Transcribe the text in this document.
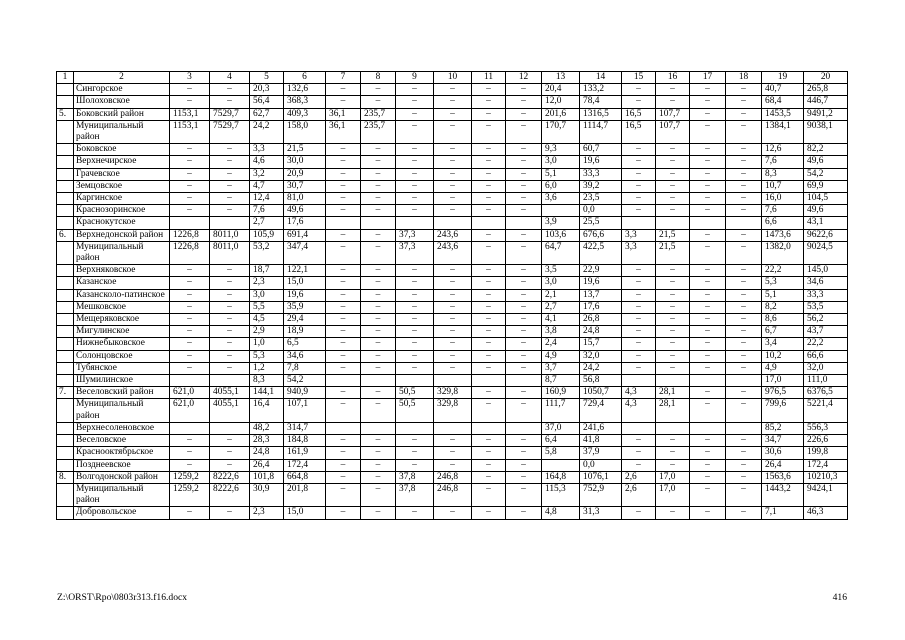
1	2	3	4	5	6	7	8	9	10	11	12	13	14	15	16	17	18	19	20
	Сингорское	–	–	20,3	132,6	–	–	–	–	–	–	20,4	133,2	–	–	–	–	40,7	265,8
	Шолоховское	–	–	56,4	368,3	–	–	–	–	–	–	12,0	78,4	–	–	–	–	68,4	446,7
5.	Боковский район	1153,1	7529,7	62,7	409,3	36,1	235,7	–	–	–	–	201,6	1316,5	16,5	107,7	–	–	1453,5	9491,2
	Муниципальный район	1153,1	7529,7	24,2	158,0	36,1	235,7	–	–	–	–	170,7	1114,7	16,5	107,7	–	–	1384,1	9038,1
	Боковское	–	–	3,3	21,5	–	–	–	–	–	–	9,3	60,7	–	–	–	–	12,6	82,2
	Верхнечирское	–	–	4,6	30,0	–	–	–	–	–	–	3,0	19,6	–	–	–	–	7,6	49,6
	Грачевское	–	–	3,2	20,9	–	–	–	–	–	–	5,1	33,3	–	–	–	–	8,3	54,2
	Земцовское	–	–	4,7	30,7	–	–	–	–	–	–	6,0	39,2	–	–	–	–	10,7	69,9
	Каргинское	–	–	12,4	81,0	–	–	–	–	–	–	3,6	23,5	–	–	–	–	16,0	104,5
	Краснозоринское	–	–	7,6	49,6	–	–	–	–	–	–		0,0	–	–	–	–	7,6	49,6
	Краснокутское			2,7	17,6							3,9	25,5					6,6	43,1
6.	Верхнедонской район	1226,8	8011,0	105,9	691,4	–	–	37,3	243,6	–	–	103,6	676,6	3,3	21,5	–	–	1473,6	9622,6
	Муниципальный район	1226,8	8011,0	53,2	347,4	–	–	37,3	243,6	–	–	64,7	422,5	3,3	21,5	–	–	1382,0	9024,5
	Верхняковское	–	–	18,7	122,1	–	–	–	–	–	–	3,5	22,9	–	–	–	–	22,2	145,0
	Казанское	–	–	2,3	15,0	–	–	–	–	–	–	3,0	19,6	–	–	–	–	5,3	34,6
	Казансколо-патинское	–	–	3,0	19,6	–	–	–	–	–	–	2,1	13,7	–	–	–	–	5,1	33,3
	Мешковское	–	–	5,5	35,9	–	–	–	–	–	–	2,7	17,6	–	–	–	–	8,2	53,5
	Мещеряковское	–	–	4,5	29,4	–	–	–	–	–	–	4,1	26,8	–	–	–	–	8,6	56,2
	Мигулинское	–	–	2,9	18,9	–	–	–	–	–	–	3,8	24,8	–	–	–	–	6,7	43,7
	Нижнебыковское	–	–	1,0	6,5	–	–	–	–	–	–	2,4	15,7	–	–	–	–	3,4	22,2
	Солонцовское	–	–	5,3	34,6	–	–	–	–	–	–	4,9	32,0	–	–	–	–	10,2	66,6
	Тубянское	–	–	1,2	7,8	–	–	–	–	–	–	3,7	24,2	–	–	–	–	4,9	32,0
	Шумилинское			8,3	54,2							8,7	56,8					17,0	111,0
7.	Веселовский район	621,0	4055,1	144,1	940,9	–	–	50,5	329,8	–	–	160,9	1050,7	4,3	28,1	–	–	976,5	6376,5
	Муниципальный район	621,0	4055,1	16,4	107,1	–	–	50,5	329,8	–	–	111,7	729,4	4,3	28,1	–	–	799,6	5221,4
	Верхнесоленовское			48,2	314,7							37,0	241,6					85,2	556,3
	Веселовское	–	–	28,3	184,8	–	–	–	–	–	–	6,4	41,8	–	–	–	–	34,7	226,6
	Краснооктябрьское	–	–	24,8	161,9	–	–	–	–	–	–	5,8	37,9	–	–	–	–	30,6	199,8
	Позднеевское	–	–	26,4	172,4	–	–	–	–	–	–		0,0	–	–	–	–	26,4	172,4
8.	Волгодонской район	1259,2	8222,6	101,8	664,8	–	–	37,8	246,8	–	–	164,8	1076,1	2,6	17,0	–	–	1563,6	10210,3
	Муниципальный район	1259,2	8222,6	30,9	201,8	–	–	37,8	246,8	–	–	115,3	752,9	2,6	17,0	–	–	1443,2	9424,1
	Добровольское	–	–	2,3	15,0	–	–	–	–	–	–	4,8	31,3	–	–	–	–	7,1	46,3
Z:\ORST\Rpo\0803r313.f16.docx	416
